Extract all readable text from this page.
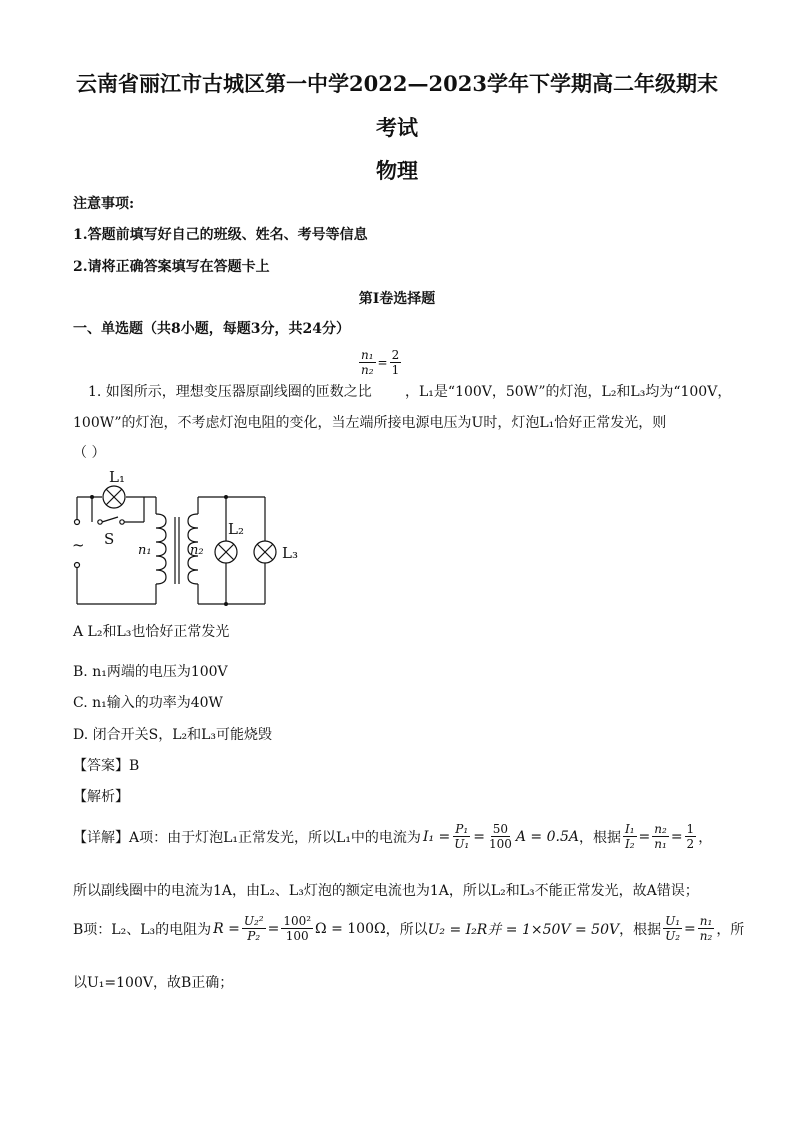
云南省丽江市古城区第一中学2022—2023学年下学期高二年级期末
考试
物理
注意事项:
1.答题前填写好自己的班级、姓名、考号等信息
2.请将正确答案填写在答题卡上
第Ⅰ卷选择题
一、单选题（共8小题，每题3分，共24分）
$\frac{\text{n₁}}{\text{n₂}} = \frac{2}{1}$
1. 如图所示，理想变压器原副线圈的匝数之比 ，L₁是“100V，50W”的灯泡，L₂和L₃均为“100V，
100W”的灯泡，不考虑灯泡电阻的变化，当左端所接电源电压为U时，灯泡L₁恰好正常发光，则
（ ）
L₁
S
~	n₁	n₂
L₂
L₃
A L₂和L₃也恰好正常发光
B. n₁两端的电压为100V
C. n₁输入的功率为40W
D. 闭合开关S，L₂和L₃可能烧毁
【答案】B
【解析】
【详解】A项：由于灯泡L₁正常发光，所以L₁中的电流为 $I_1 = \frac{\text{P₁}}{\text{U₁}} = \frac{50}{100}$ A = 0.5A ，根据 $\frac{\text{I₁}}{\text{I₂}} = \frac{\text{n₂}}{\text{n₁}} = \frac{1}{2}$ ，
所以副线圈中的电流为1A，由L₂、L₃灯泡的额定电流也为1A，所以L₂和L₃不能正常发光，故A错误；
B项：L₂、L₃的电阻为 $R = \frac{\text{U₂²}}{\text{P₂}} = \frac{\text{100²}}{100}$ Ω = 100Ω ，所以 U₂ = I₂R并 = 1×50V = 50V ，根据 $\frac{\text{U₁}}{\text{U₂}} = \frac{\text{n₁}}{\text{n₂}}$ ，所
以U₁=100V，故B正确；
